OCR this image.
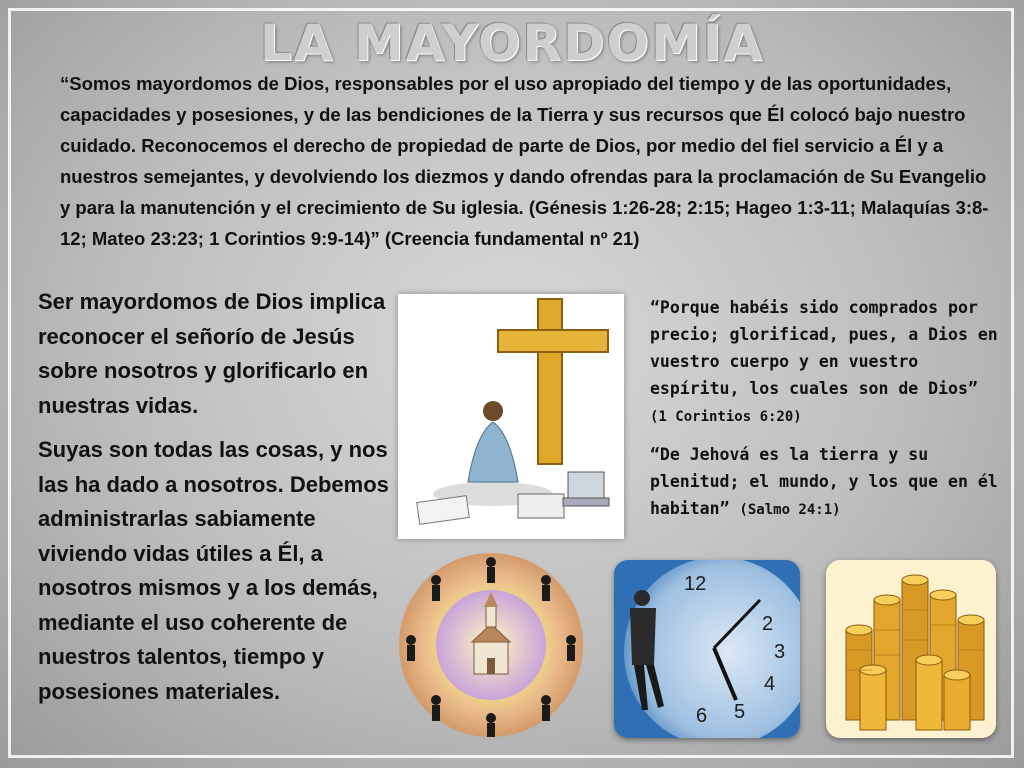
LA MAYORDOMÍA
“Somos mayordomos de Dios, responsables por el uso apropiado del tiempo y de las oportunidades, capacidades y posesiones, y de las bendiciones de la Tierra y sus recursos que Él colocó bajo nuestro cuidado. Reconocemos el derecho de propiedad de parte de Dios, por medio del fiel servicio a Él y a nuestros semejantes, y devolviendo los diezmos y dando ofrendas para la proclamación de Su Evangelio y para la manutención y el crecimiento de Su iglesia. (Génesis 1:26-28; 2:15; Hageo 1:3-11; Malaquías 3:8-12; Mateo 23:23; 1 Corintios 9:9-14)” (Creencia fundamental nº 21)

Ser mayordomos de Dios implica reconocer el señorío de Jesús sobre nosotros y glorificarlo en nuestras vidas.

Suyas son todas las cosas, y nos las ha dado a nosotros. Debemos administrarlas sabiamente viviendo vidas útiles a Él, a nosotros mismos y a los demás, mediante el uso coherente de nuestros talentos, tiempo y posesiones materiales.

“Porque habéis sido comprados por precio; glorificad, pues, a Dios en vuestro cuerpo y en vuestro espíritu, los cuales son de Dios” (1 Corintios 6:20)

“De Jehová es la tierra y su plenitud; el mundo, y los que en él habitan” (Salmo 24:1)

2
3
4
5
6
12
